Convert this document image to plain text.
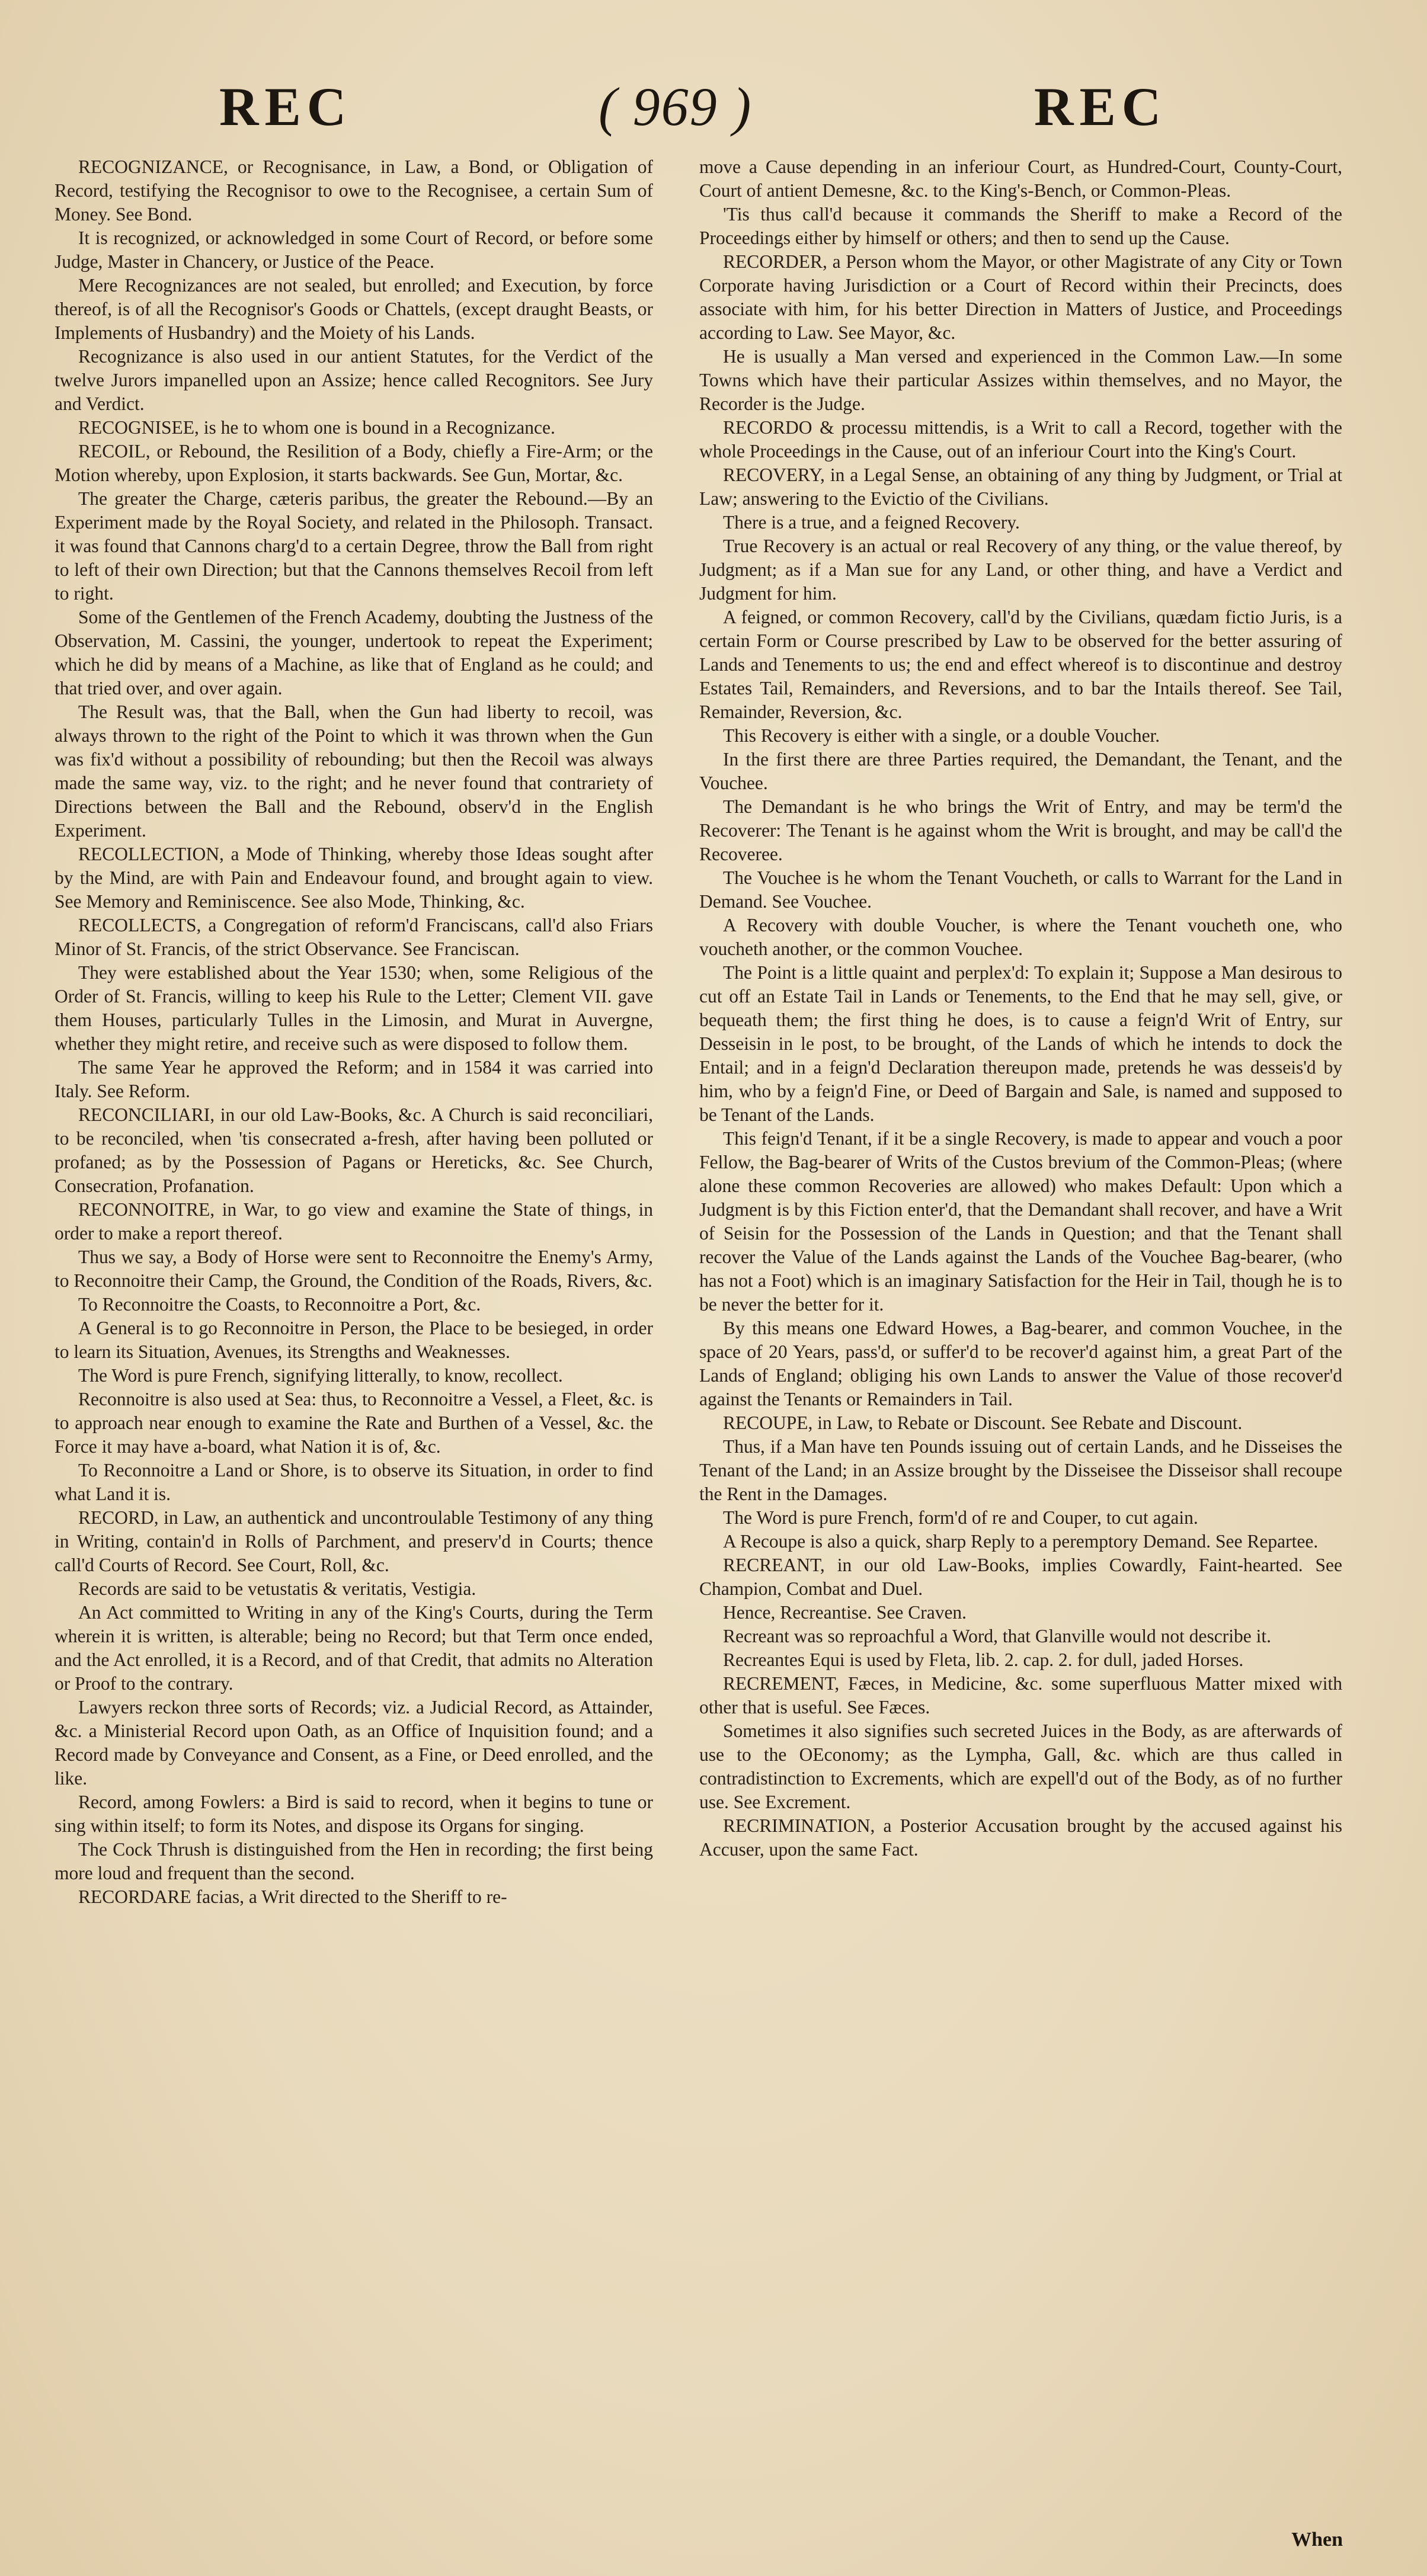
REC	( 969 )	REC

RECOGNIZANCE, or Recognisance, in Law, a Bond, or Obligation of Record, testifying the Recognisor to owe to the Recognisee, a certain Sum of Money. See Bond.

It is recognized, or acknowledged in some Court of Record, or before some Judge, Master in Chancery, or Justice of the Peace.

Mere Recognizances are not sealed, but enrolled; and Execution, by force thereof, is of all the Recognisor's Goods or Chattels, (except draught Beasts, or Implements of Husbandry) and the Moiety of his Lands.

Recognizance is also used in our antient Statutes, for the Verdict of the twelve Jurors impanelled upon an Assize; hence called Recognitors. See Jury and Verdict.

RECOGNISEE, is he to whom one is bound in a Recognizance.

RECOIL, or Rebound, the Resilition of a Body, chiefly a Fire-Arm; or the Motion whereby, upon Explosion, it starts backwards. See Gun, Mortar, &c.

The greater the Charge, cæteris paribus, the greater the Rebound.—By an Experiment made by the Royal Society, and related in the Philosoph. Transact. it was found that Cannons charg'd to a certain Degree, throw the Ball from right to left of their own Direction; but that the Cannons themselves Recoil from left to right.

Some of the Gentlemen of the French Academy, doubting the Justness of the Observation, M. Cassini, the younger, undertook to repeat the Experiment; which he did by means of a Machine, as like that of England as he could; and that tried over, and over again.

The Result was, that the Ball, when the Gun had liberty to recoil, was always thrown to the right of the Point to which it was thrown when the Gun was fix'd without a possibility of rebounding; but then the Recoil was always made the same way, viz. to the right; and he never found that contrariety of Directions between the Ball and the Rebound, observ'd in the English Experiment.

RECOLLECTION, a Mode of Thinking, whereby those Ideas sought after by the Mind, are with Pain and Endeavour found, and brought again to view. See Memory and Reminiscence. See also Mode, Thinking, &c.

RECOLLECTS, a Congregation of reform'd Franciscans, call'd also Friars Minor of St. Francis, of the strict Observance. See Franciscan.

They were established about the Year 1530; when, some Religious of the Order of St. Francis, willing to keep his Rule to the Letter; Clement VII. gave them Houses, particularly Tulles in the Limosin, and Murat in Auvergne, whether they might retire, and receive such as were disposed to follow them.

The same Year he approved the Reform; and in 1584 it was carried into Italy. See Reform.

RECONCILIARI, in our old Law-Books, &c. A Church is said reconciliari, to be reconciled, when 'tis consecrated a-fresh, after having been polluted or profaned; as by the Possession of Pagans or Hereticks, &c. See Church, Consecration, Profanation.

RECONNOITRE, in War, to go view and examine the State of things, in order to make a report thereof.

Thus we say, a Body of Horse were sent to Reconnoitre the Enemy's Army, to Reconnoitre their Camp, the Ground, the Condition of the Roads, Rivers, &c.

To Reconnoitre the Coasts, to Reconnoitre a Port, &c.

A General is to go Reconnoitre in Person, the Place to be besieged, in order to learn its Situation, Avenues, its Strengths and Weaknesses.

The Word is pure French, signifying litterally, to know, recollect.

Reconnoitre is also used at Sea: thus, to Reconnoitre a Vessel, a Fleet, &c. is to approach near enough to examine the Rate and Burthen of a Vessel, &c. the Force it may have a-board, what Nation it is of, &c.

To Reconnoitre a Land or Shore, is to observe its Situation, in order to find what Land it is.

RECORD, in Law, an authentick and uncontroulable Testimony of any thing in Writing, contain'd in Rolls of Parchment, and preserv'd in Courts; thence call'd Courts of Record. See Court, Roll, &c.

Records are said to be vetustatis & veritatis, Vestigia.

An Act committed to Writing in any of the King's Courts, during the Term wherein it is written, is alterable; being no Record; but that Term once ended, and the Act enrolled, it is a Record, and of that Credit, that admits no Alteration or Proof to the contrary.

Lawyers reckon three sorts of Records; viz. a Judicial Record, as Attainder, &c. a Ministerial Record upon Oath, as an Office of Inquisition found; and a Record made by Conveyance and Consent, as a Fine, or Deed enrolled, and the like.

Record, among Fowlers: a Bird is said to record, when it begins to tune or sing within itself; to form its Notes, and dispose its Organs for singing.

The Cock Thrush is distinguished from the Hen in recording; the first being more loud and frequent than the second.

RECORDARE facias, a Writ directed to the Sheriff to re-

move a Cause depending in an inferiour Court, as Hundred-Court, County-Court, Court of antient Demesne, &c. to the King's-Bench, or Common-Pleas.

'Tis thus call'd because it commands the Sheriff to make a Record of the Proceedings either by himself or others; and then to send up the Cause.

RECORDER, a Person whom the Mayor, or other Magistrate of any City or Town Corporate having Jurisdiction or a Court of Record within their Precincts, does associate with him, for his better Direction in Matters of Justice, and Proceedings according to Law. See Mayor, &c.

He is usually a Man versed and experienced in the Common Law.—In some Towns which have their particular Assizes within themselves, and no Mayor, the Recorder is the Judge.

RECORDO & processu mittendis, is a Writ to call a Record, together with the whole Proceedings in the Cause, out of an inferiour Court into the King's Court.

RECOVERY, in a Legal Sense, an obtaining of any thing by Judgment, or Trial at Law; answering to the Evictio of the Civilians.

There is a true, and a feigned Recovery.

True Recovery is an actual or real Recovery of any thing, or the value thereof, by Judgment; as if a Man sue for any Land, or other thing, and have a Verdict and Judgment for him.

A feigned, or common Recovery, call'd by the Civilians, quædam fictio Juris, is a certain Form or Course prescribed by Law to be observed for the better assuring of Lands and Tenements to us; the end and effect whereof is to discontinue and destroy Estates Tail, Remainders, and Reversions, and to bar the Intails thereof. See Tail, Remainder, Reversion, &c.

This Recovery is either with a single, or a double Voucher.

In the first there are three Parties required, the Demandant, the Tenant, and the Vouchee.

The Demandant is he who brings the Writ of Entry, and may be term'd the Recoverer: The Tenant is he against whom the Writ is brought, and may be call'd the Recoveree.

The Vouchee is he whom the Tenant Voucheth, or calls to Warrant for the Land in Demand. See Vouchee.

A Recovery with double Voucher, is where the Tenant voucheth one, who voucheth another, or the common Vouchee.

The Point is a little quaint and perplex'd: To explain it; Suppose a Man desirous to cut off an Estate Tail in Lands or Tenements, to the End that he may sell, give, or bequeath them; the first thing he does, is to cause a feign'd Writ of Entry, sur Desseisin in le post, to be brought, of the Lands of which he intends to dock the Entail; and in a feign'd Declaration thereupon made, pretends he was desseis'd by him, who by a feign'd Fine, or Deed of Bargain and Sale, is named and supposed to be Tenant of the Lands.

This feign'd Tenant, if it be a single Recovery, is made to appear and vouch a poor Fellow, the Bag-bearer of Writs of the Custos brevium of the Common-Pleas; (where alone these common Recoveries are allowed) who makes Default: Upon which a Judgment is by this Fiction enter'd, that the Demandant shall recover, and have a Writ of Seisin for the Possession of the Lands in Question; and that the Tenant shall recover the Value of the Lands against the Lands of the Vouchee Bag-bearer, (who has not a Foot) which is an imaginary Satisfaction for the Heir in Tail, though he is to be never the better for it.

By this means one Edward Howes, a Bag-bearer, and common Vouchee, in the space of 20 Years, pass'd, or suffer'd to be recover'd against him, a great Part of the Lands of England; obliging his own Lands to answer the Value of those recover'd against the Tenants or Remainders in Tail.

RECOUPE, in Law, to Rebate or Discount. See Rebate and Discount.

Thus, if a Man have ten Pounds issuing out of certain Lands, and he Disseises the Tenant of the Land; in an Assize brought by the Disseisee the Disseisor shall recoupe the Rent in the Damages.

The Word is pure French, form'd of re and Couper, to cut again.

A Recoupe is also a quick, sharp Reply to a peremptory Demand. See Repartee.

RECREANT, in our old Law-Books, implies Cowardly, Faint-hearted. See Champion, Combat and Duel.

Hence, Recreantise. See Craven.

Recreant was so reproachful a Word, that Glanville would not describe it.

Recreantes Equi is used by Fleta, lib. 2. cap. 2. for dull, jaded Horses.

RECREMENT, Fæces, in Medicine, &c. some superfluous Matter mixed with other that is useful. See Fæces.

Sometimes it also signifies such secreted Juices in the Body, as are afterwards of use to the OEconomy; as the Lympha, Gall, &c. which are thus called in contradistinction to Excrements, which are expell'd out of the Body, as of no further use. See Excrement.

RECRIMINATION, a Posterior Accusation brought by the accused against his Accuser, upon the same Fact.

When
